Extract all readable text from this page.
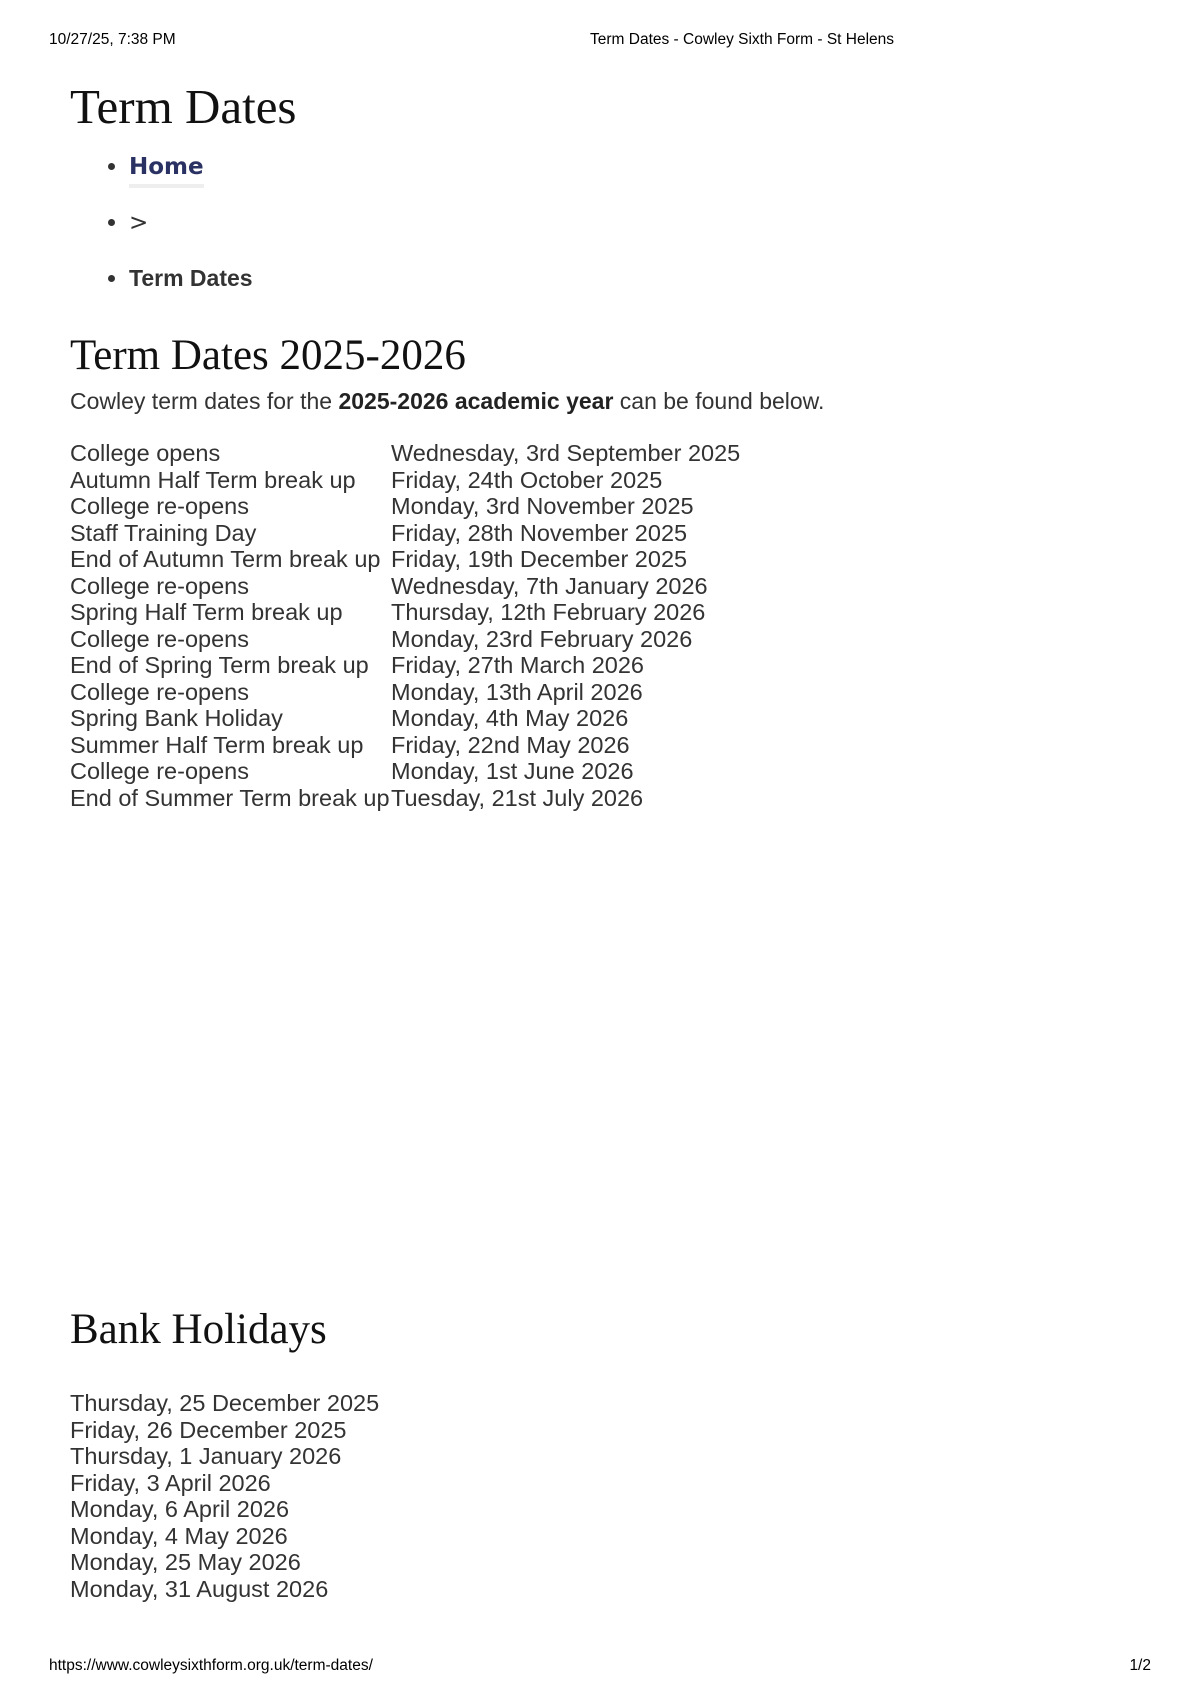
10/27/25, 7:38 PM	Term Dates - Cowley Sixth Form - St Helens
Term Dates
• Home
• >
• Term Dates
Term Dates 2025-2026

Cowley term dates for the 2025-2026 academic year can be found below.

College opens	Wednesday, 3rd September 2025
Autumn Half Term break up	Friday, 24th October 2025
College re-opens	Monday, 3rd November 2025
Staff Training Day	Friday, 28th November 2025
End of Autumn Term break up	Friday, 19th December 2025
College re-opens	Wednesday, 7th January 2026
Spring Half Term break up	Thursday, 12th February 2026
College re-opens	Monday, 23rd February 2026
End of Spring Term break up	Friday, 27th March 2026
College re-opens	Monday, 13th April 2026
Spring Bank Holiday	Monday, 4th May 2026
Summer Half Term break up	Friday, 22nd May 2026
College re-opens	Monday, 1st June 2026
End of Summer Term break up	Tuesday, 21st July 2026
Bank Holidays
Thursday, 25 December 2025
Friday, 26 December 2025
Thursday, 1 January 2026
Friday, 3 April 2026
Monday, 6 April 2026
Monday, 4 May 2026
Monday, 25 May 2026
Monday, 31 August 2026
https://www.cowleysixthform.org.uk/term-dates/	1/2
